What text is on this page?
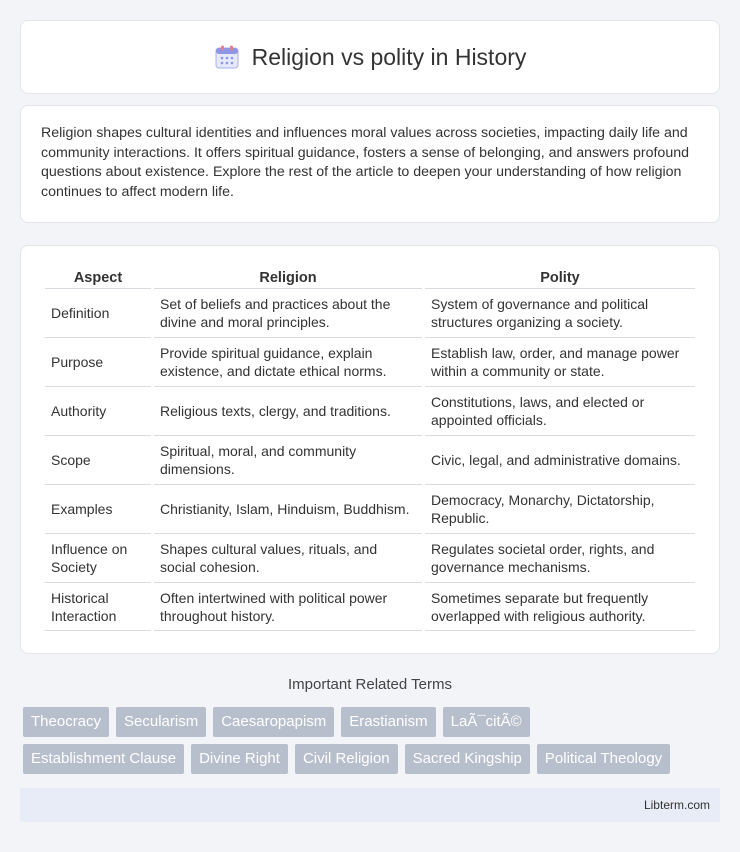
Religion vs polity in History

Religion shapes cultural identities and influences moral values across societies, impacting daily life and community interactions. It offers spiritual guidance, fosters a sense of belonging, and answers profound questions about existence. Explore the rest of the article to deepen your understanding of how religion continues to affect modern life.

Aspect	Religion	Polity
Definition	Set of beliefs and practices about the divine and moral principles.	System of governance and political structures organizing a society.
Purpose	Provide spiritual guidance, explain existence, and dictate ethical norms.	Establish law, order, and manage power within a community or state.
Authority	Religious texts, clergy, and traditions.	Constitutions, laws, and elected or appointed officials.
Scope	Spiritual, moral, and community dimensions.	Civic, legal, and administrative domains.
Examples	Christianity, Islam, Hinduism, Buddhism.	Democracy, Monarchy, Dictatorship, Republic.
Influence on Society	Shapes cultural values, rituals, and social cohesion.	Regulates societal order, rights, and governance mechanisms.
Historical Interaction	Often intertwined with political power throughout history.	Sometimes separate but frequently overlapped with religious authority.
Important Related Terms
Theocracy	Secularism	Caesaropapism	Erastianism	LaÃ¯citÃ©
Establishment Clause	Divine Right	Civil Religion	Sacred Kingship	Political Theology
Libterm.com
